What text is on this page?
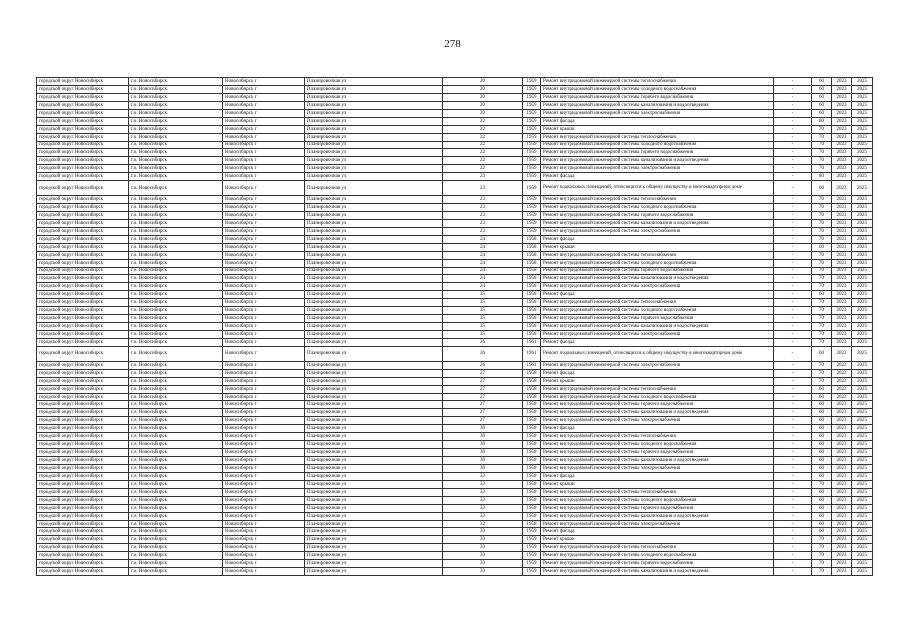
278
городской округ Новосибирск	г.о. Новосибирск	Новосибирск г	Планировочная ул	20	1959	Ремонт внутридомовой инженерной системы теплоснабжения	-	60	2023	2025
городской округ Новосибирск	г.о. Новосибирск	Новосибирск г	Планировочная ул	20	1959	Ремонт внутридомовой инженерной системы холодного водоснабжения	-	60	2023	2025
городской округ Новосибирск	г.о. Новосибирск	Новосибирск г	Планировочная ул	20	1959	Ремонт внутридомовой инженерной системы горячего водоснабжения	-	60	2023	2025
городской округ Новосибирск	г.о. Новосибирск	Новосибирск г	Планировочная ул	20	1959	Ремонт внутридомовой инженерной системы канализования и водоотведения	-	60	2023	2025
городской округ Новосибирск	г.о. Новосибирск	Новосибирск г	Планировочная ул	20	1959	Ремонт внутридомовой инженерной системы электроснабжения	-	60	2023	2025
городской округ Новосибирск	г.о. Новосибирск	Новосибирск г	Планировочная ул	22	1959	Ремонт фасада	-	80	2023	2025
городской округ Новосибирск	г.о. Новосибирск	Новосибирск г	Планировочная ул	22	1959	Ремонт крыши	-	70	2023	2025
городской округ Новосибирск	г.о. Новосибирск	Новосибирск г	Планировочная ул	22	1959	Ремонт внутридомовой инженерной системы теплоснабжения	-	70	2023	2025
городской округ Новосибирск	г.о. Новосибирск	Новосибирск г	Планировочная ул	22	1959	Ремонт внутридомовой инженерной системы холодного водоснабжения	-	70	2023	2025
городской округ Новосибирск	г.о. Новосибирск	Новосибирск г	Планировочная ул	22	1959	Ремонт внутридомовой инженерной системы горячего водоснабжения	-	70	2023	2025
городской округ Новосибирск	г.о. Новосибирск	Новосибирск г	Планировочная ул	22	1959	Ремонт внутридомовой инженерной системы канализования и водоотведения	-	70	2023	2025
городской округ Новосибирск	г.о. Новосибирск	Новосибирск г	Планировочная ул	22	1959	Ремонт внутридомовой инженерной системы электроснабжения	-	70	2023	2025
городской округ Новосибирск	г.о. Новосибирск	Новосибирск г	Планировочная ул	23	1959	Ремонт фасада	-	80	2023	2025
городской округ Новосибирск	г.о. Новосибирск	Новосибирск г	Планировочная ул	23	1959	Ремонт подвальных помещений, относящихся к общему имуществу в многоквартирном доме	-	60	2023	2025
городской округ Новосибирск	г.о. Новосибирск	Новосибирск г	Планировочная ул	23	1959	Ремонт внутридомовой инженерной системы теплоснабжения	-	70	2023	2025
городской округ Новосибирск	г.о. Новосибирск	Новосибирск г	Планировочная ул	23	1959	Ремонт внутридомовой инженерной системы холодного водоснабжения	-	70	2023	2025
городской округ Новосибирск	г.о. Новосибирск	Новосибирск г	Планировочная ул	23	1959	Ремонт внутридомовой инженерной системы горячего водоснабжения	-	70	2023	2025
городской округ Новосибирск	г.о. Новосибирск	Новосибирск г	Планировочная ул	23	1959	Ремонт внутридомовой инженерной системы канализования и водоотведения	-	70	2023	2025
городской округ Новосибирск	г.о. Новосибирск	Новосибирск г	Планировочная ул	23	1959	Ремонт внутридомовой инженерной системы электроснабжения	-	70	2023	2025
городской округ Новосибирск	г.о. Новосибирск	Новосибирск г	Планировочная ул	24	1958	Ремонт фасада	-	70	2023	2025
городской округ Новосибирск	г.о. Новосибирск	Новосибирск г	Планировочная ул	24	1958	Ремонт крыши	-	60	2023	2025
городской округ Новосибирск	г.о. Новосибирск	Новосибирск г	Планировочная ул	24	1958	Ремонт внутридомовой инженерной системы теплоснабжения	-	70	2023	2025
городской округ Новосибирск	г.о. Новосибирск	Новосибирск г	Планировочная ул	24	1958	Ремонт внутридомовой инженерной системы холодного водоснабжения	-	70	2023	2025
городской округ Новосибирск	г.о. Новосибирск	Новосибирск г	Планировочная ул	24	1958	Ремонт внутридомовой инженерной системы горячего водоснабжения	-	70	2023	2025
городской округ Новосибирск	г.о. Новосибирск	Новосибирск г	Планировочная ул	24	1958	Ремонт внутридомовой инженерной системы канализования и водоотведения	-	70	2023	2025
городской округ Новосибирск	г.о. Новосибирск	Новосибирск г	Планировочная ул	24	1958	Ремонт внутридомовой инженерной системы электроснабжения	-	70	2023	2025
городской округ Новосибирск	г.о. Новосибирск	Новосибирск г	Планировочная ул	25	1958	Ремонт фасада	-	60	2023	2025
городской округ Новосибирск	г.о. Новосибирск	Новосибирск г	Планировочная ул	25	1958	Ремонт внутридомовой инженерной системы теплоснабжения	-	70	2023	2025
городской округ Новосибирск	г.о. Новосибирск	Новосибирск г	Планировочная ул	25	1958	Ремонт внутридомовой инженерной системы холодного водоснабжения	-	70	2023	2025
городской округ Новосибирск	г.о. Новосибирск	Новосибирск г	Планировочная ул	25	1958	Ремонт внутридомовой инженерной системы горячего водоснабжения	-	70	2023	2025
городской округ Новосибирск	г.о. Новосибирск	Новосибирск г	Планировочная ул	25	1958	Ремонт внутридомовой инженерной системы канализования и водоотведения	-	70	2023	2025
городской округ Новосибирск	г.о. Новосибирск	Новосибирск г	Планировочная ул	25	1958	Ремонт внутридомовой инженерной системы электроснабжения	-	70	2023	2025
городской округ Новосибирск	г.о. Новосибирск	Новосибирск г	Планировочная ул	26	1961	Ремонт фасада	-	70	2023	2025
городской округ Новосибирск	г.о. Новосибирск	Новосибирск г	Планировочная ул	26	1961	Ремонт подвальных помещений, относящихся к общему имуществу в многоквартирном доме	-	60	2023	2025
городской округ Новосибирск	г.о. Новосибирск	Новосибирск г	Планировочная ул	26	1961	Ремонт внутридомовой инженерной системы электроснабжения	-	70	2023	2025
городской округ Новосибирск	г.о. Новосибирск	Новосибирск г	Планировочная ул	27	1958	Ремонт фасада	-	70	2023	2025
городской округ Новосибирск	г.о. Новосибирск	Новосибирск г	Планировочная ул	27	1958	Ремонт крыши	-	70	2023	2025
городской округ Новосибирск	г.о. Новосибирск	Новосибирск г	Планировочная ул	27	1958	Ремонт внутридомовой инженерной системы теплоснабжения	-	60	2023	2025
городской округ Новосибирск	г.о. Новосибирск	Новосибирск г	Планировочная ул	27	1958	Ремонт внутридомовой инженерной системы холодного водоснабжения	-	60	2023	2025
городской округ Новосибирск	г.о. Новосибирск	Новосибирск г	Планировочная ул	27	1958	Ремонт внутридомовой инженерной системы горячего водоснабжения	-	60	2023	2025
городской округ Новосибирск	г.о. Новосибирск	Новосибирск г	Планировочная ул	27	1958	Ремонт внутридомовой инженерной системы канализования и водоотведения	-	60	2023	2025
городской округ Новосибирск	г.о. Новосибирск	Новосибирск г	Планировочная ул	27	1958	Ремонт внутридомовой инженерной системы электроснабжения	-	60	2023	2025
городской округ Новосибирск	г.о. Новосибирск	Новосибирск г	Планировочная ул	30	1958	Ремонт фасада	-	60	2023	2025
городской округ Новосибирск	г.о. Новосибирск	Новосибирск г	Планировочная ул	30	1958	Ремонт внутридомовой инженерной системы теплоснабжения	-	60	2023	2025
городской округ Новосибирск	г.о. Новосибирск	Новосибирск г	Планировочная ул	30	1958	Ремонт внутридомовой инженерной системы холодного водоснабжения	-	60	2023	2025
городской округ Новосибирск	г.о. Новосибирск	Новосибирск г	Планировочная ул	30	1958	Ремонт внутридомовой инженерной системы горячего водоснабжения	-	60	2023	2025
городской округ Новосибирск	г.о. Новосибирск	Новосибирск г	Планировочная ул	30	1958	Ремонт внутридомовой инженерной системы канализования и водоотведения	-	60	2023	2025
городской округ Новосибирск	г.о. Новосибирск	Новосибирск г	Планировочная ул	30	1958	Ремонт внутридомовой инженерной системы электроснабжения	-	60	2023	2025
городской округ Новосибирск	г.о. Новосибирск	Новосибирск г	Планировочная ул	32	1958	Ремонт фасада	-	60	2023	2025
городской округ Новосибирск	г.о. Новосибирск	Новосибирск г	Планировочная ул	32	1958	Ремонт крыши	-	70	2023	2025
городской округ Новосибирск	г.о. Новосибирск	Новосибирск г	Планировочная ул	32	1958	Ремонт внутридомовой инженерной системы теплоснабжения	-	60	2023	2025
городской округ Новосибирск	г.о. Новосибирск	Новосибирск г	Планировочная ул	32	1958	Ремонт внутридомовой инженерной системы холодного водоснабжения	-	60	2023	2025
городской округ Новосибирск	г.о. Новосибирск	Новосибирск г	Планировочная ул	32	1958	Ремонт внутридомовой инженерной системы горячего водоснабжения	-	60	2023	2025
городской округ Новосибирск	г.о. Новосибирск	Новосибирск г	Планировочная ул	32	1958	Ремонт внутридомовой инженерной системы канализования и водоотведения	-	60	2023	2025
городской округ Новосибирск	г.о. Новосибирск	Новосибирск г	Планировочная ул	32	1958	Ремонт внутридомовой инженерной системы электроснабжения	-	60	2023	2025
городской округ Новосибирск	г.о. Новосибирск	Новосибирск г	Планировочная ул	33	1959	Ремонт фасада	-	60	2023	2025
городской округ Новосибирск	г.о. Новосибирск	Новосибирск г	Планировочная ул	33	1959	Ремонт крыши	-	70	2023	2025
городской округ Новосибирск	г.о. Новосибирск	Новосибирск г	Планировочная ул	33	1959	Ремонт внутридомовой инженерной системы теплоснабжения	-	70	2023	2025
городской округ Новосибирск	г.о. Новосибирск	Новосибирск г	Планировочная ул	33	1959	Ремонт внутридомовой инженерной системы холодного водоснабжения	-	70	2023	2025
городской округ Новосибирск	г.о. Новосибирск	Новосибирск г	Планировочная ул	33	1959	Ремонт внутридомовой инженерной системы горячего водоснабжения	-	70	2023	2025
городской округ Новосибирск	г.о. Новосибирск	Новосибирск г	Планировочная ул	33	1959	Ремонт внутридомовой инженерной системы канализования и водоотведения	-	70	2023	2025
